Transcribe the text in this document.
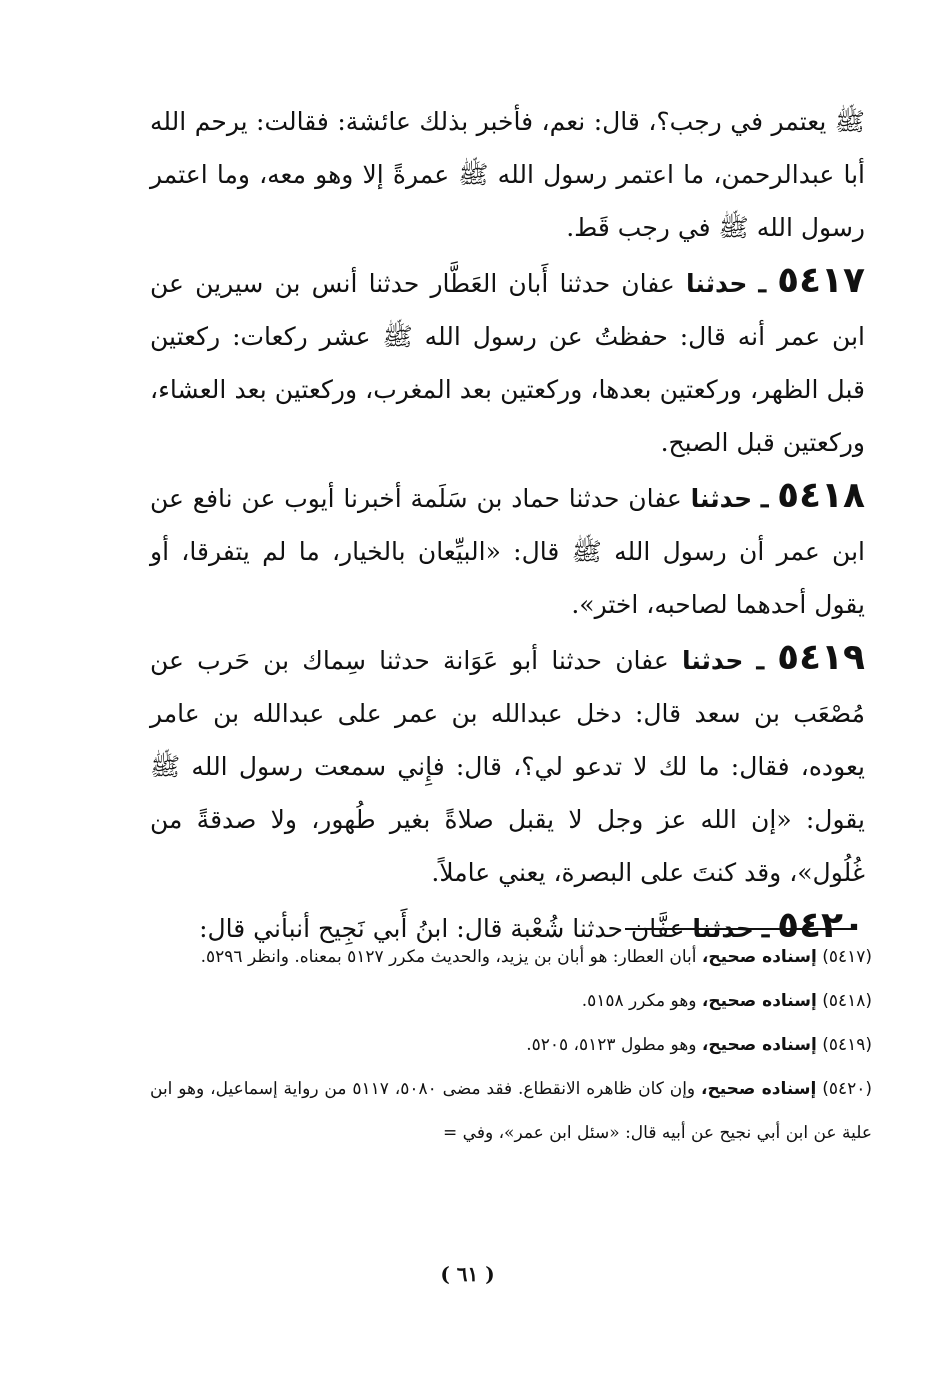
ﷺ يعتمر في رجب؟، قال: نعم، فأخبر بذلك عائشة: فقالت: يرحم الله أبا عبدالرحمن، ما اعتمر رسول الله ﷺ عمرةً إلا وهو معه، وما اعتمر رسول الله ﷺ في رجب قَط.

٥٤١٧ ـ حدثنا عفان حدثنا أَبان العَطَّار حدثنا أنس بن سيرين عن ابن عمر أنه قال: حفظتُ عن رسول الله ﷺ عشر ركعات: ركعتين قبل الظهر، وركعتين بعدها، وركعتين بعد المغرب، وركعتين بعد العشاء، وركعتين قبل الصبح.

٥٤١٨ ـ حدثنا عفان حدثنا حماد بن سَلَمة أخبرنا أيوب عن نافع عن ابن عمر أن رسول الله ﷺ قال: «البيِّعان بالخيار، ما لم يتفرقا، أو يقول أحدهما لصاحبه، اختر».

٥٤١٩ ـ حدثنا عفان حدثنا أبو عَوَانة حدثنا سِماك بن حَرب عن مُصْعَب بن سعد قال: دخل عبدالله بن عمر على عبدالله بن عامر يعوده، فقال: ما لك لا تدعو لي؟، قال: فإِني سمعت رسول الله ﷺ يقول: «إن الله عز وجل لا يقبل صلاةً بغير طُهور، ولا صدقةً من غُلُول»، وقد كنتَ على البصرة، يعني عاملاً.

٥٤٢٠ ـ حدثنا عفَّان حدثنا شُعْبة قال: ابنُ أَبي نَجِيح أنبأني قال:

(٥٤١٧) إسناده صحيح، أبان العطار: هو أبان بن يزيد، والحديث مكرر ٥١٢٧ بمعناه. وانظر ٥٢٩٦.

(٥٤١٨) إسناده صحيح، وهو مكرر ٥١٥٨.

(٥٤١٩) إسناده صحيح، وهو مطول ٥١٢٣، ٥٢٠٥.

(٥٤٢٠) إسناده صحيح، وإن كان ظاهره الانقطاع. فقد مضى ٥٠٨٠، ٥١١٧ من رواية إسماعيل، وهو ابن علية عن ابن أبي نجيح عن أبيه قال: «سئل ابن عمر»، وفي =

( ٦١ )
